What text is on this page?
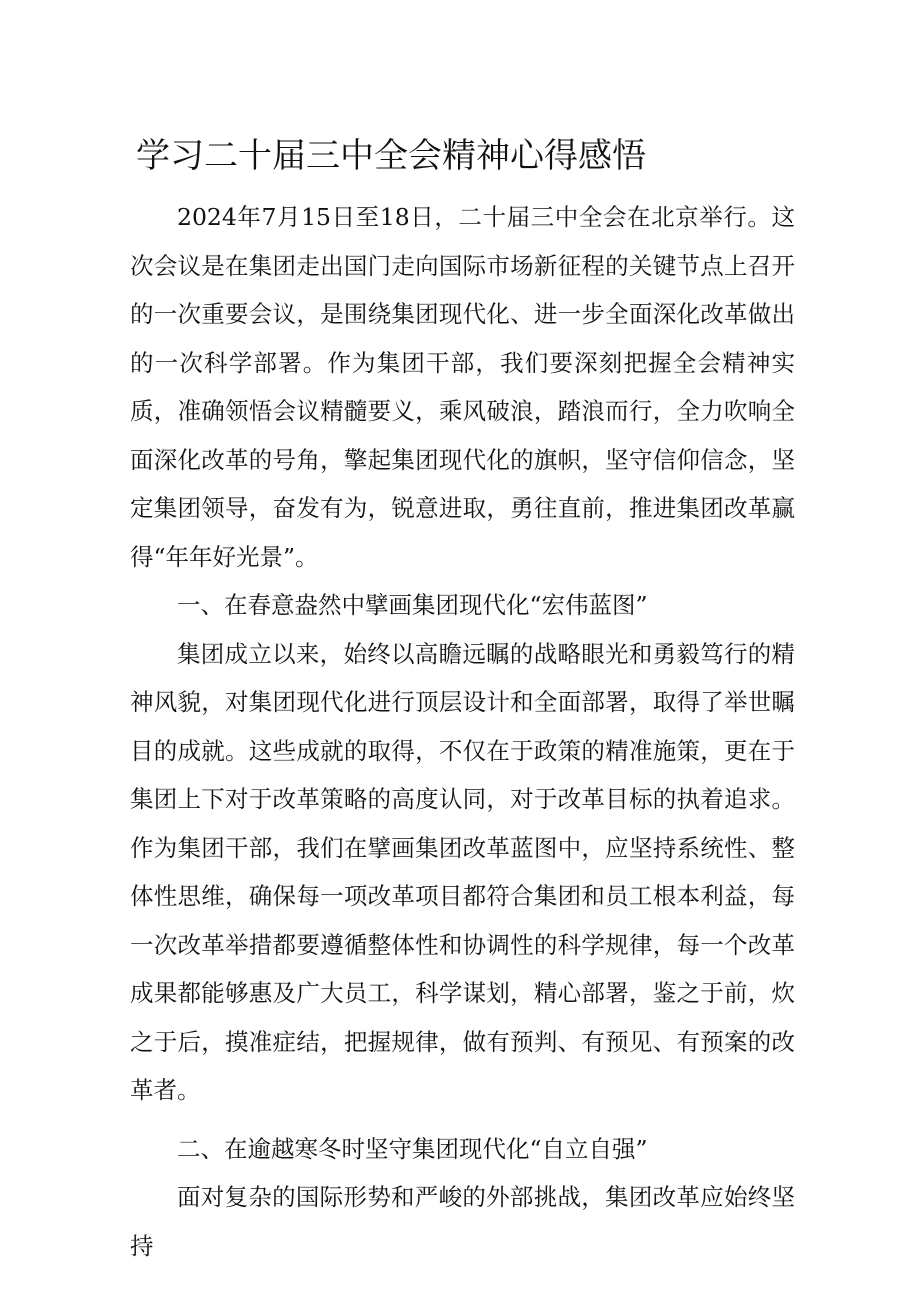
学习二十届三中全会精神心得感悟

2024年7月15日至18日，二十届三中全会在北京举行。这次会议是在集团走出国门走向国际市场新征程的关键节点上召开的一次重要会议，是围绕集团现代化、进一步全面深化改革做出的一次科学部署。作为集团干部，我们要深刻把握全会精神实质，准确领悟会议精髓要义，乘风破浪，踏浪而行，全力吹响全面深化改革的号角，擎起集团现代化的旗帜，坚守信仰信念，坚定集团领导，奋发有为，锐意进取，勇往直前，推进集团改革赢得“年年好光景”。

一、在春意盎然中擘画集团现代化“宏伟蓝图”

集团成立以来，始终以高瞻远瞩的战略眼光和勇毅笃行的精神风貌，对集团现代化进行顶层设计和全面部署，取得了举世瞩目的成就。这些成就的取得，不仅在于政策的精准施策，更在于集团上下对于改革策略的高度认同，对于改革目标的执着追求。作为集团干部，我们在擘画集团改革蓝图中，应坚持系统性、整体性思维，确保每一项改革项目都符合集团和员工根本利益，每一次改革举措都要遵循整体性和协调性的科学规律，每一个改革成果都能够惠及广大员工，科学谋划，精心部署，鉴之于前，炊之于后，摸准症结，把握规律，做有预判、有预见、有预案的改革者。

二、在逾越寒冬时坚守集团现代化“自立自强”

面对复杂的国际形势和严峻的外部挑战，集团改革应始终坚持
